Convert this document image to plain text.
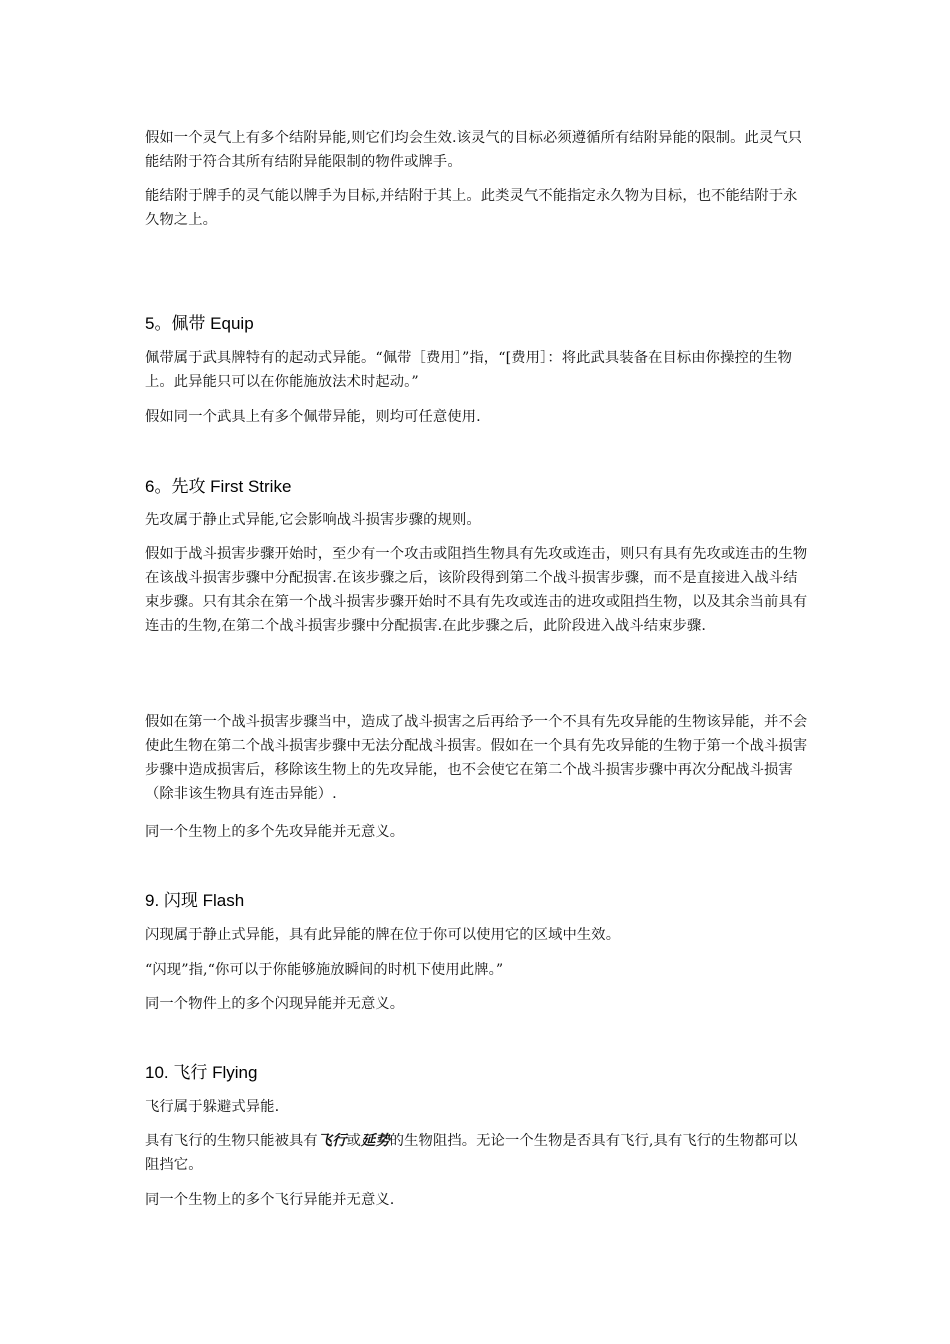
假如一个灵气上有多个结附异能,则它们均会生效.该灵气的目标必须遵循所有结附异能的限制。此灵气只能结附于符合其所有结附异能限制的物件或牌手。

能结附于牌手的灵气能以牌手为目标,并结附于其上。此类灵气不能指定永久物为目标，也不能结附于永久物之上。

5。佩带 Equip

佩带属于武具牌特有的起动式异能。“佩带［费用］”指，“[费用］：将此武具装备在目标由你操控的生物上。此异能只可以在你能施放法术时起动。”

假如同一个武具上有多个佩带异能，则均可任意使用.

6。先攻 First Strike

先攻属于静止式异能,它会影响战斗损害步骤的规则。

假如于战斗损害步骤开始时，至少有一个攻击或阻挡生物具有先攻或连击，则只有具有先攻或连击的生物在该战斗损害步骤中分配损害.在该步骤之后，该阶段得到第二个战斗损害步骤，而不是直接进入战斗结束步骤。只有其余在第一个战斗损害步骤开始时不具有先攻或连击的进攻或阻挡生物，以及其余当前具有连击的生物,在第二个战斗损害步骤中分配损害.在此步骤之后，此阶段进入战斗结束步骤.

假如在第一个战斗损害步骤当中，造成了战斗损害之后再给予一个不具有先攻异能的生物该异能，并不会使此生物在第二个战斗损害步骤中无法分配战斗损害。假如在一个具有先攻异能的生物于第一个战斗损害步骤中造成损害后，移除该生物上的先攻异能，也不会使它在第二个战斗损害步骤中再次分配战斗损害（除非该生物具有连击异能）.

同一个生物上的多个先攻异能并无意义。

9. 闪现 Flash

闪现属于静止式异能，具有此异能的牌在位于你可以使用它的区域中生效。

“闪现”指,“你可以于你能够施放瞬间的时机下使用此牌。”

同一个物件上的多个闪现异能并无意义。

10. 飞行 Flying

飞行属于躲避式异能.

具有飞行的生物只能被具有飞行或延势的生物阻挡。无论一个生物是否具有飞行,具有飞行的生物都可以阻挡它。

同一个生物上的多个飞行异能并无意义.
